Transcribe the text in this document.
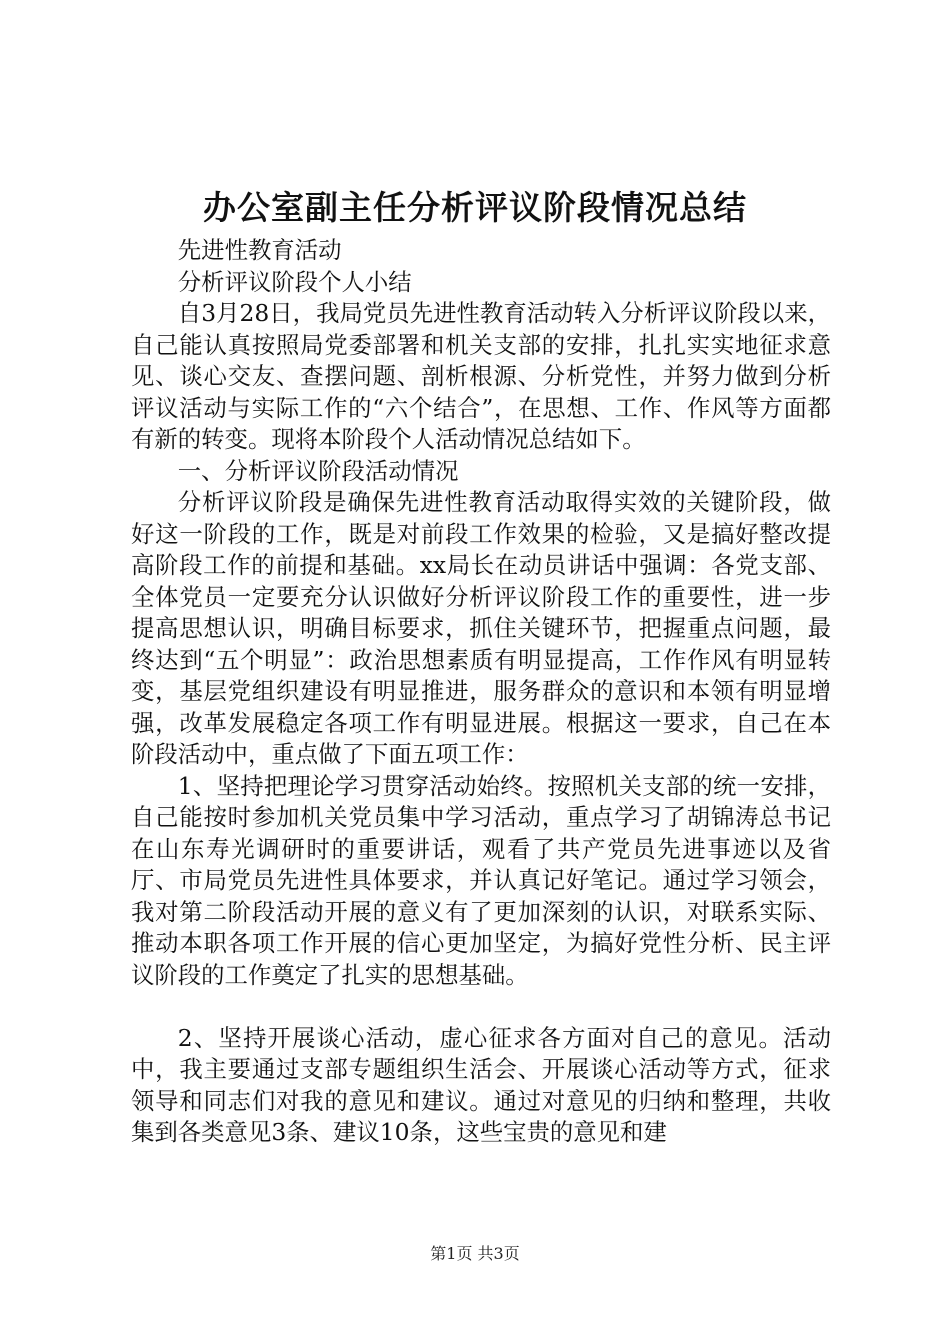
办公室副主任分析评议阶段情况总结

先进性教育活动

分析评议阶段个人小结

自3月28日，我局党员先进性教育活动转入分析评议阶段以来，自己能认真按照局党委部署和机关支部的安排，扎扎实实地征求意见、谈心交友、查摆问题、剖析根源、分析党性，并努力做到分析评议活动与实际工作的“六个结合”，在思想、工作、作风等方面都有新的转变。现将本阶段个人活动情况总结如下。

一、分析评议阶段活动情况

分析评议阶段是确保先进性教育活动取得实效的关键阶段，做好这一阶段的工作，既是对前段工作效果的检验，又是搞好整改提高阶段工作的前提和基础。xx局长在动员讲话中强调：各党支部、全体党员一定要充分认识做好分析评议阶段工作的重要性，进一步提高思想认识，明确目标要求，抓住关键环节，把握重点问题，最终达到“五个明显”：政治思想素质有明显提高，工作作风有明显转变，基层党组织建设有明显推进，服务群众的意识和本领有明显增强，改革发展稳定各项工作有明显进展。根据这一要求，自己在本阶段活动中，重点做了下面五项工作：

1、坚持把理论学习贯穿活动始终。按照机关支部的统一安排，自己能按时参加机关党员集中学习活动，重点学习了胡锦涛总书记在山东寿光调研时的重要讲话，观看了共产党员先进事迹以及省厅、市局党员先进性具体要求，并认真记好笔记。通过学习领会，我对第二阶段活动开展的意义有了更加深刻的认识，对联系实际、推动本职各项工作开展的信心更加坚定，为搞好党性分析、民主评议阶段的工作奠定了扎实的思想基础。

2、坚持开展谈心活动，虚心征求各方面对自己的意见。活动中，我主要通过支部专题组织生活会、开展谈心活动等方式，征求领导和同志们对我的意见和建议。通过对意见的归纳和整理，共收集到各类意见3条、建议10条，这些宝贵的意见和建

第1页 共3页
